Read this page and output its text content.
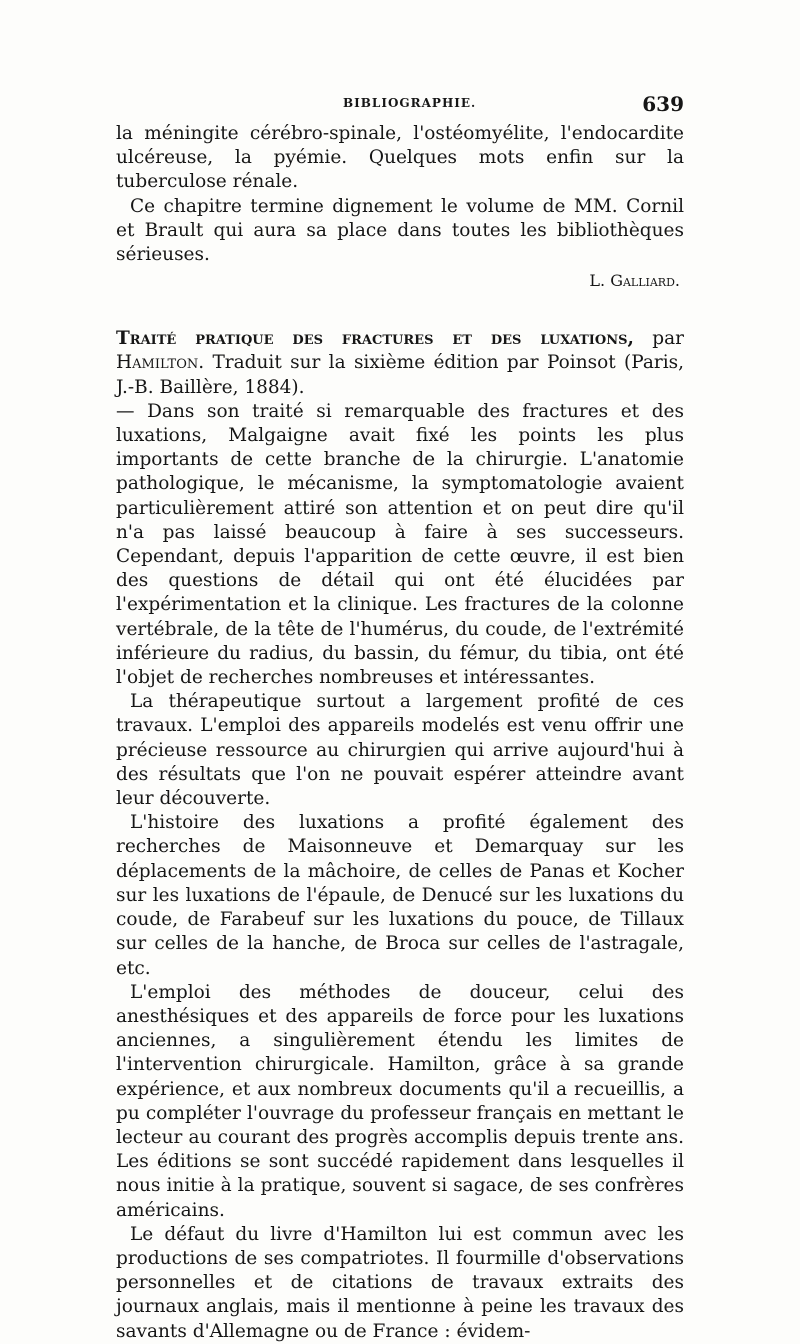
BIBLIOGRAPHIE.	639

la méningite cérébro-spinale, l'ostéomyélite, l'endocardite ulcéreuse, la pyémie. Quelques mots enfin sur la tuberculose rénale.

Ce chapitre termine dignement le volume de MM. Cornil et Brault qui aura sa place dans toutes les bibliothèques sérieuses.

L. Galliard.

Traité pratique des fractures et des luxations, par Hamilton. Traduit sur la sixième édition par Poinsot (Paris, J.-B. Baillère, 1884).

— Dans son traité si remarquable des fractures et des luxations, Malgaigne avait fixé les points les plus importants de cette branche de la chirurgie. L'anatomie pathologique, le mécanisme, la symptomatologie avaient particulièrement attiré son attention et on peut dire qu'il n'a pas laissé beaucoup à faire à ses successeurs. Cependant, depuis l'apparition de cette œuvre, il est bien des questions de détail qui ont été élucidées par l'expérimentation et la clinique. Les fractures de la colonne vertébrale, de la tête de l'humérus, du coude, de l'extrémité inférieure du radius, du bassin, du fémur, du tibia, ont été l'objet de recherches nombreuses et intéressantes.

La thérapeutique surtout a largement profité de ces travaux. L'emploi des appareils modelés est venu offrir une précieuse ressource au chirurgien qui arrive aujourd'hui à des résultats que l'on ne pouvait espérer atteindre avant leur découverte.

L'histoire des luxations a profité également des recherches de Maisonneuve et Demarquay sur les déplacements de la mâchoire, de celles de Panas et Kocher sur les luxations de l'épaule, de Denucé sur les luxations du coude, de Farabeuf sur les luxations du pouce, de Tillaux sur celles de la hanche, de Broca sur celles de l'astragale, etc.

L'emploi des méthodes de douceur, celui des anesthésiques et des appareils de force pour les luxations anciennes, a singulièrement étendu les limites de l'intervention chirurgicale. Hamilton, grâce à sa grande expérience, et aux nombreux documents qu'il a recueillis, a pu compléter l'ouvrage du professeur français en mettant le lecteur au courant des progrès accomplis depuis trente ans. Les éditions se sont succédé rapidement dans lesquelles il nous initie à la pratique, souvent si sagace, de ses confrères américains.

Le défaut du livre d'Hamilton lui est commun avec les productions de ses compatriotes. Il fourmille d'observations personnelles et de citations de travaux extraits des journaux anglais, mais il mentionne à peine les travaux des savants d'Allemagne ou de France : évidem-
